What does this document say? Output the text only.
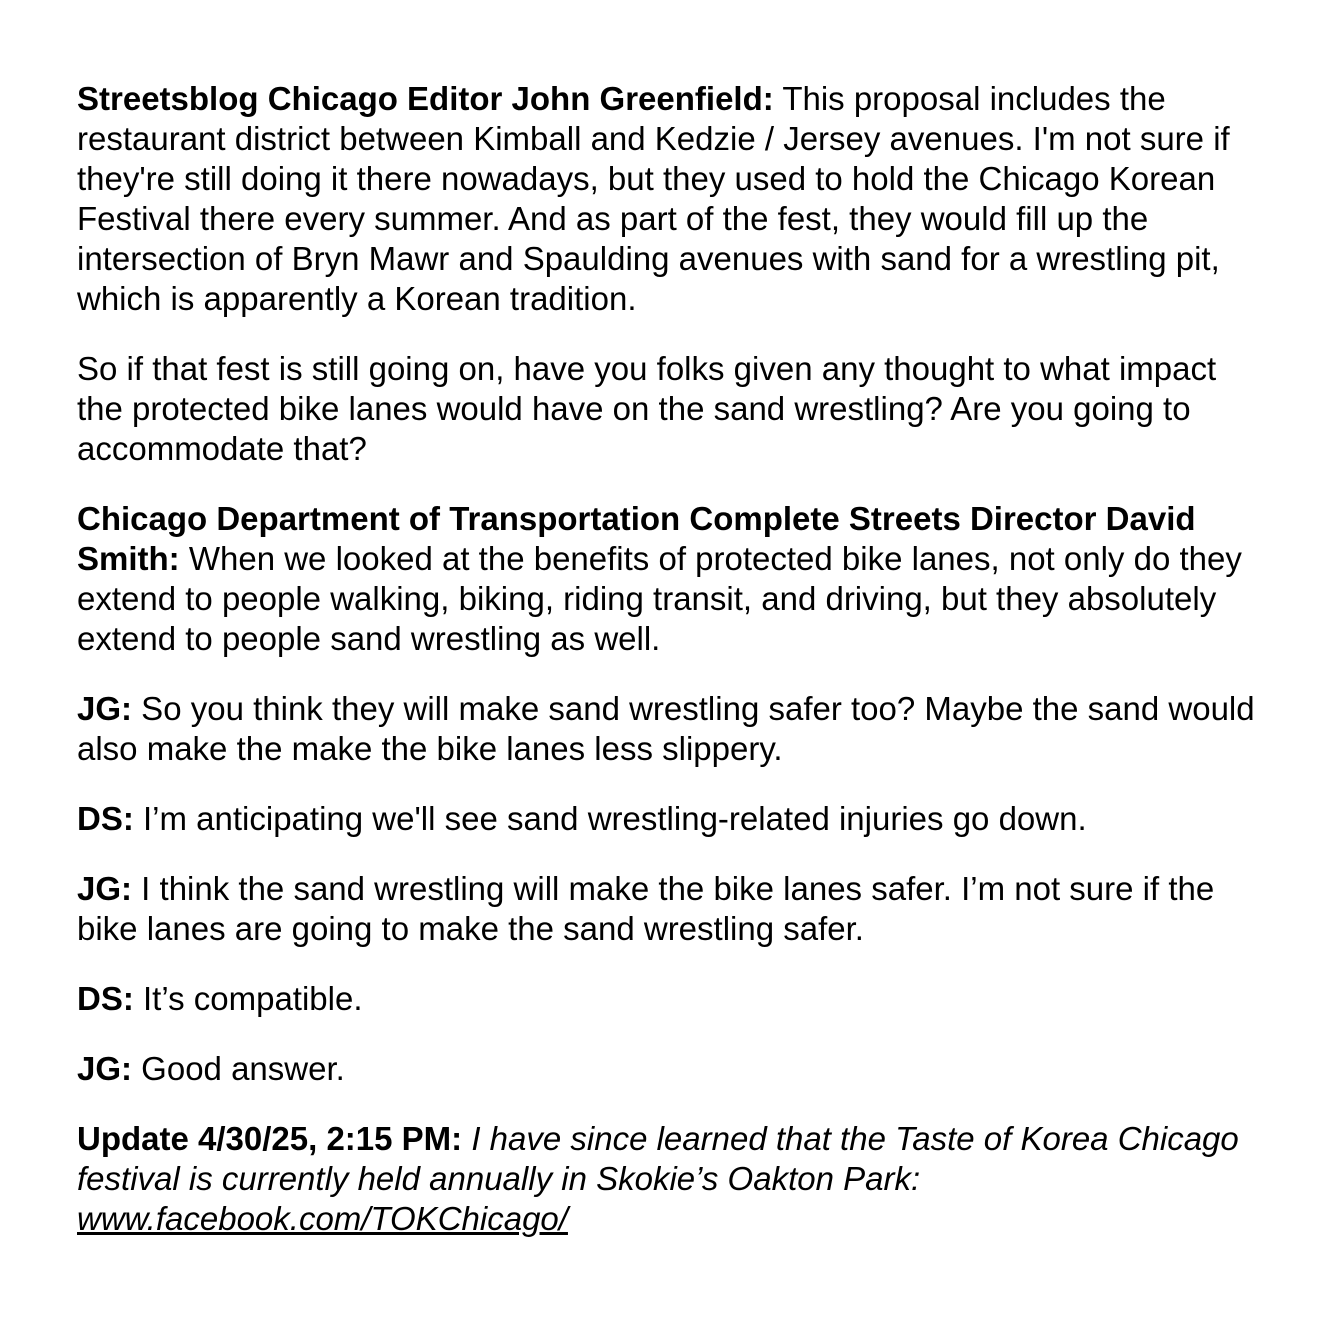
Streetsblog Chicago Editor John Greenfield: This proposal includes the restaurant district between Kimball and Kedzie / Jersey avenues. I'm not sure if they're still doing it there nowadays, but they used to hold the Chicago Korean Festival there every summer. And as part of the fest, they would fill up the intersection of Bryn Mawr and Spaulding avenues with sand for a wrestling pit, which is apparently a Korean tradition.

So if that fest is still going on, have you folks given any thought to what impact the protected bike lanes would have on the sand wrestling? Are you going to accommodate that?

Chicago Department of Transportation Complete Streets Director David Smith: When we looked at the benefits of protected bike lanes, not only do they extend to people walking, biking, riding transit, and driving, but they absolutely extend to people sand wrestling as well.

JG: So you think they will make sand wrestling safer too? Maybe the sand would also make the make the bike lanes less slippery.

DS: I’m anticipating we'll see sand wrestling-related injuries go down.

JG: I think the sand wrestling will make the bike lanes safer. I’m not sure if the bike lanes are going to make the sand wrestling safer.

DS: It’s compatible.

JG: Good answer.

Update 4/30/25, 2:15 PM: I have since learned that the Taste of Korea Chicago festival is currently held annually in Skokie’s Oakton Park: www.facebook.com/TOKChicago/
